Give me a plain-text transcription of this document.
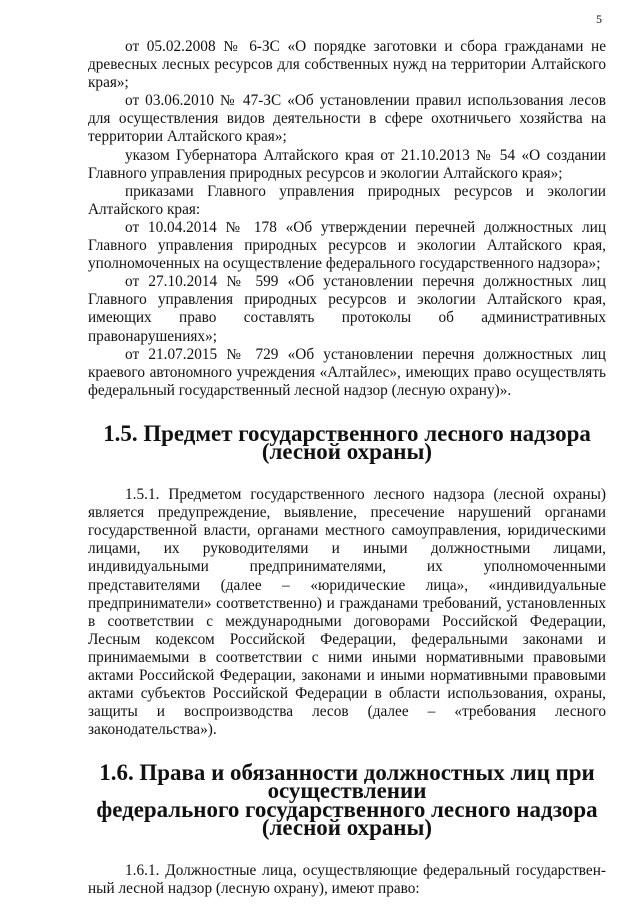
5

от 05.02.2008 № 6-ЗС «О порядке заготовки и сбора гражданами не древесных лесных ресурсов для собственных нужд на территории Алтайского края»;

от 03.06.2010 № 47-ЗС «Об установлении правил использования лесов для осуществления видов деятельности в сфере охотничьего хозяйства на территории Алтайского края»;

указом Губернатора Алтайского края от 21.10.2013 № 54 «О создании Главного управления природных ресурсов и экологии Алтайского края»;

приказами Главного управления природных ресурсов и экологии Алтайского края:

от 10.04.2014 № 178 «Об утверждении перечней должностных лиц Главного управления природных ресурсов и экологии Алтайского края, уполномоченных на осуществление федерального государственного надзора»;

от 27.10.2014 № 599 «Об установлении перечня должностных лиц Главного управления природных ресурсов и экологии Алтайского края, имеющих право составлять протоколы об административных правонарушениях»;

от 21.07.2015 № 729 «Об установлении перечня должностных лиц краевого автономного учреждения «Алтайлес», имеющих право осуществлять федеральный государственный лесной надзор (лесную охрану)».

1.5. Предмет государственного лесного надзора (лесной охраны)

1.5.1. Предметом государственного лесного надзора (лесной охраны) является предупреждение, выявление, пресечение нарушений органами государственной власти, органами местного самоуправления, юридическими лицами, их руководителями и иными должностными лицами, индивидуальными предпринимателями, их уполномоченными представителями (далее – «юридические лица», «индивидуальные предприниматели» соответственно) и гражданами требований, установленных в соответствии с международными договорами Российской Федерации, Лесным кодексом Российской Федерации, федеральными законами и принимаемыми в соответствии с ними иными нормативными правовыми актами Российской Федерации, законами и иными нормативными правовыми актами субъектов Российской Федерации в области использования, охраны, защиты и воспроизводства лесов (далее – «требования лесного законодательства»).

1.6. Права и обязанности должностных лиц при осуществлении
федерального государственного лесного надзора (лесной охраны)

1.6.1. Должностные лица, осуществляющие федеральный государственный лесной надзор (лесную охрану), имеют право:
